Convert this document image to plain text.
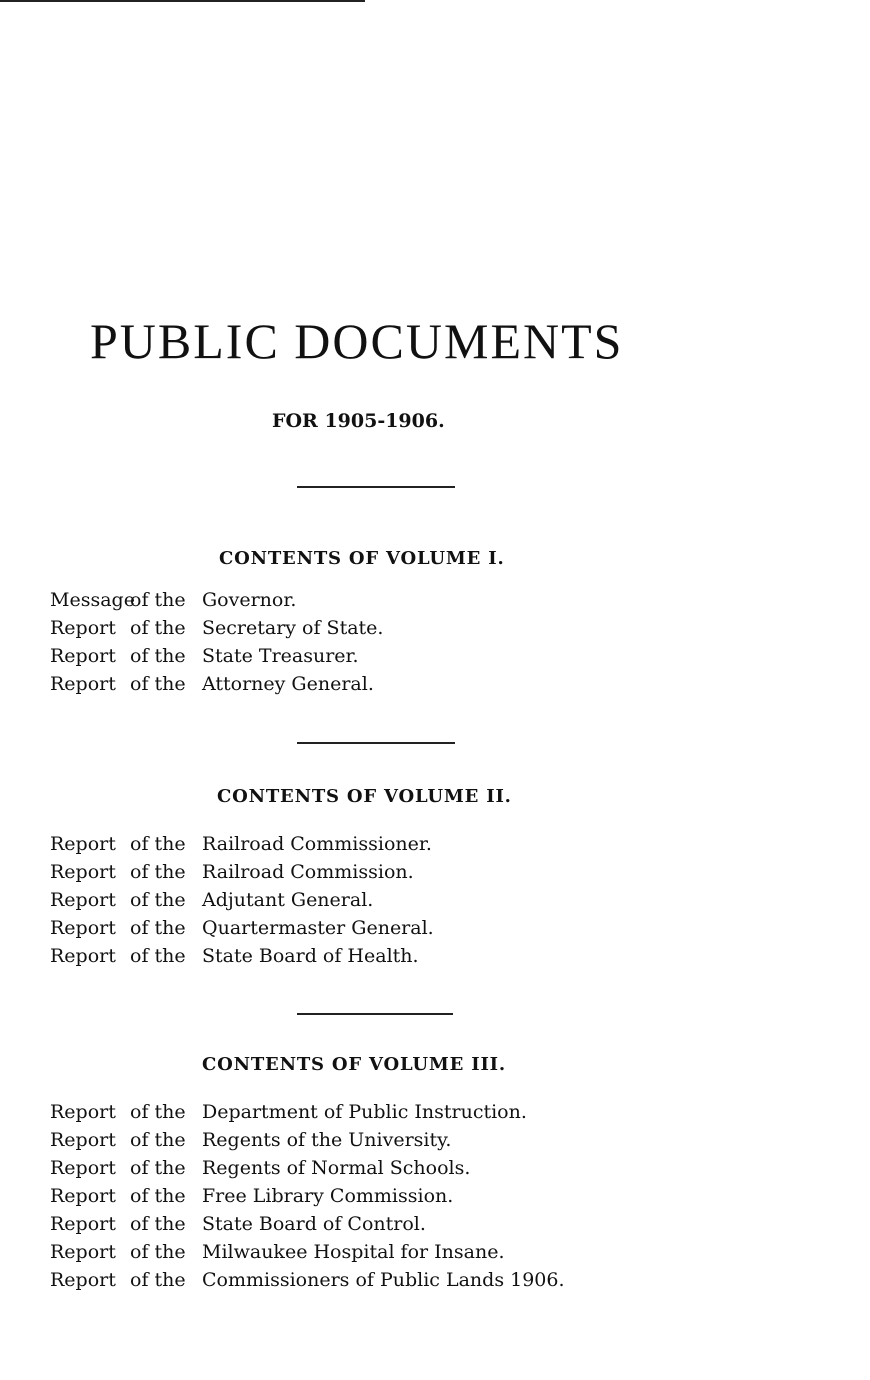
PUBLIC DOCUMENTS
FOR 1905-1906.
CONTENTS OF VOLUME I.
Message
of the Governor.
Report of the Secretary of State.
Report of the State Treasurer.
Report of the Attorney General.
CONTENTS OF VOLUME II.
Report of the Railroad Commissioner.
Report of the Railroad Commission.
Report of the Adjutant General.
Report of the Quartermaster General.
Report of the State Board of Health.
CONTENTS OF VOLUME III.
Report of the Department of Public Instruction.
Report of the Regents of the University.
Report of the Regents of Normal Schools.
Report of the Free Library Commission.
Report of the State Board of Control.
Report of the Milwaukee Hospital for Insane.
Report of the Commissioners of Public Lands 1906.
